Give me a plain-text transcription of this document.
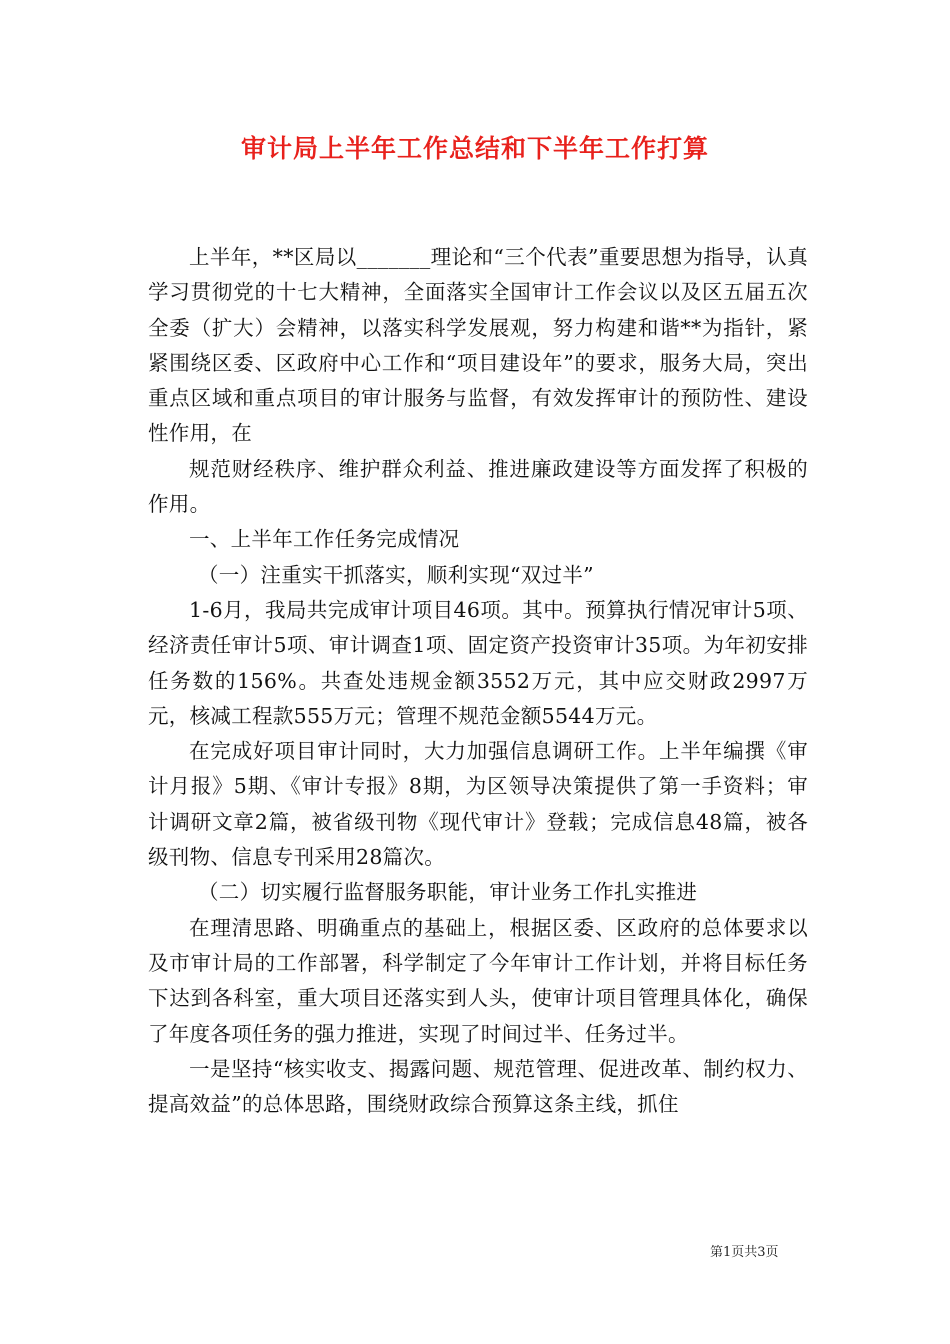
审计局上半年工作总结和下半年工作打算

上半年，**区局以_______理论和“三个代表”重要思想为指导，认真学习贯彻党的十七大精神，全面落实全国审计工作会议以及区五届五次全委（扩大）会精神，以落实科学发展观，努力构建和谐**为指针，紧紧围绕区委、区政府中心工作和“项目建设年”的要求，服务大局，突出重点区域和重点项目的审计服务与监督，有效发挥审计的预防性、建设性作用，在

规范财经秩序、维护群众利益、推进廉政建设等方面发挥了积极的作用。

一、上半年工作任务完成情况

（一）注重实干抓落实，顺利实现“双过半”

1-6月，我局共完成审计项目46项。其中。预算执行情况审计5项、经济责任审计5项、审计调查1项、固定资产投资审计35项。为年初安排任务数的156%。共查处违规金额3552万元，其中应交财政2997万元，核减工程款555万元；管理不规范金额5544万元。

在完成好项目审计同时，大力加强信息调研工作。上半年编撰《审计月报》5期、《审计专报》8期，为区领导决策提供了第一手资料；审计调研文章2篇，被省级刊物《现代审计》登载；完成信息48篇，被各级刊物、信息专刊采用28篇次。

（二）切实履行监督服务职能，审计业务工作扎实推进

在理清思路、明确重点的基础上，根据区委、区政府的总体要求以及市审计局的工作部署，科学制定了今年审计工作计划，并将目标任务下达到各科室，重大项目还落实到人头，使审计项目管理具体化，确保了年度各项任务的强力推进，实现了时间过半、任务过半。

一是坚持“核实收支、揭露问题、规范管理、促进改革、制约权力、提高效益”的总体思路，围绕财政综合预算这条主线，抓住

第1页共3页
